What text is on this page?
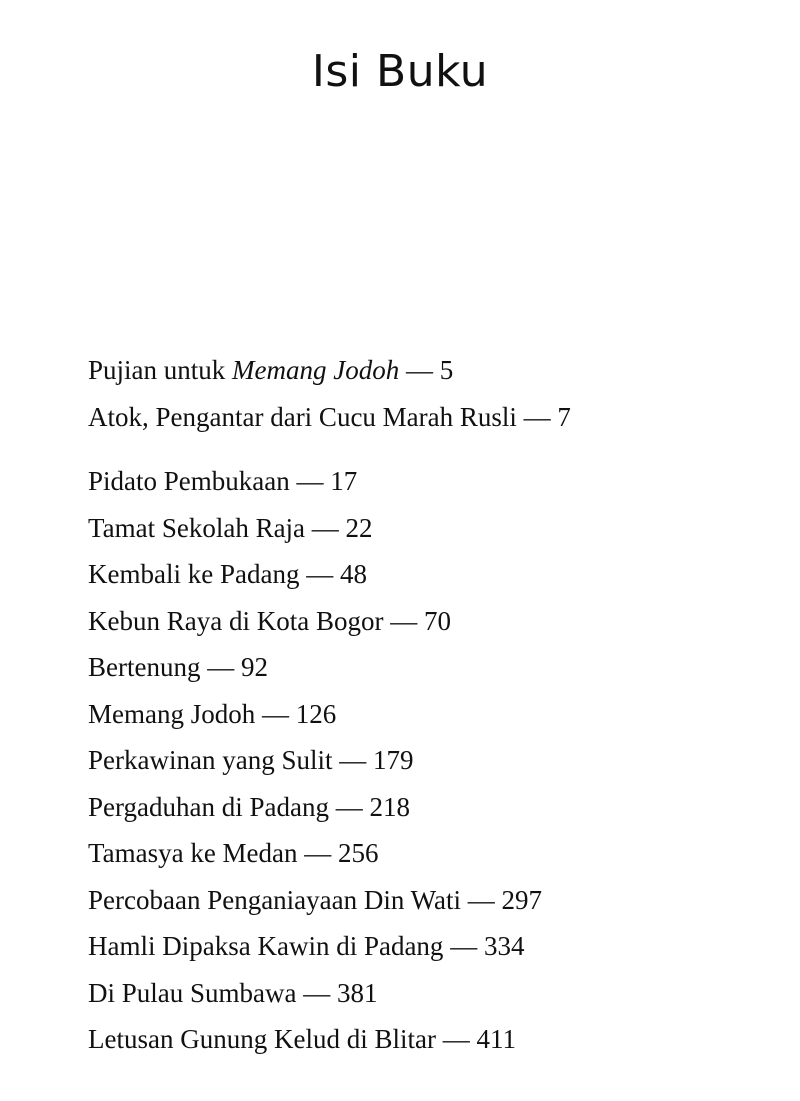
Isi Buku
Pujian untuk Memang Jodoh — 5
Atok, Pengantar dari Cucu Marah Rusli — 7
Pidato Pembukaan — 17
Tamat Sekolah Raja — 22
Kembali ke Padang — 48
Kebun Raya di Kota Bogor — 70
Bertenung — 92
Memang Jodoh — 126
Perkawinan yang Sulit — 179
Pergaduhan di Padang — 218
Tamasya ke Medan — 256
Percobaan Penganiayaan Din Wati — 297
Hamli Dipaksa Kawin di Padang — 334
Di Pulau Sumbawa — 381
Letusan Gunung Kelud di Blitar — 411
